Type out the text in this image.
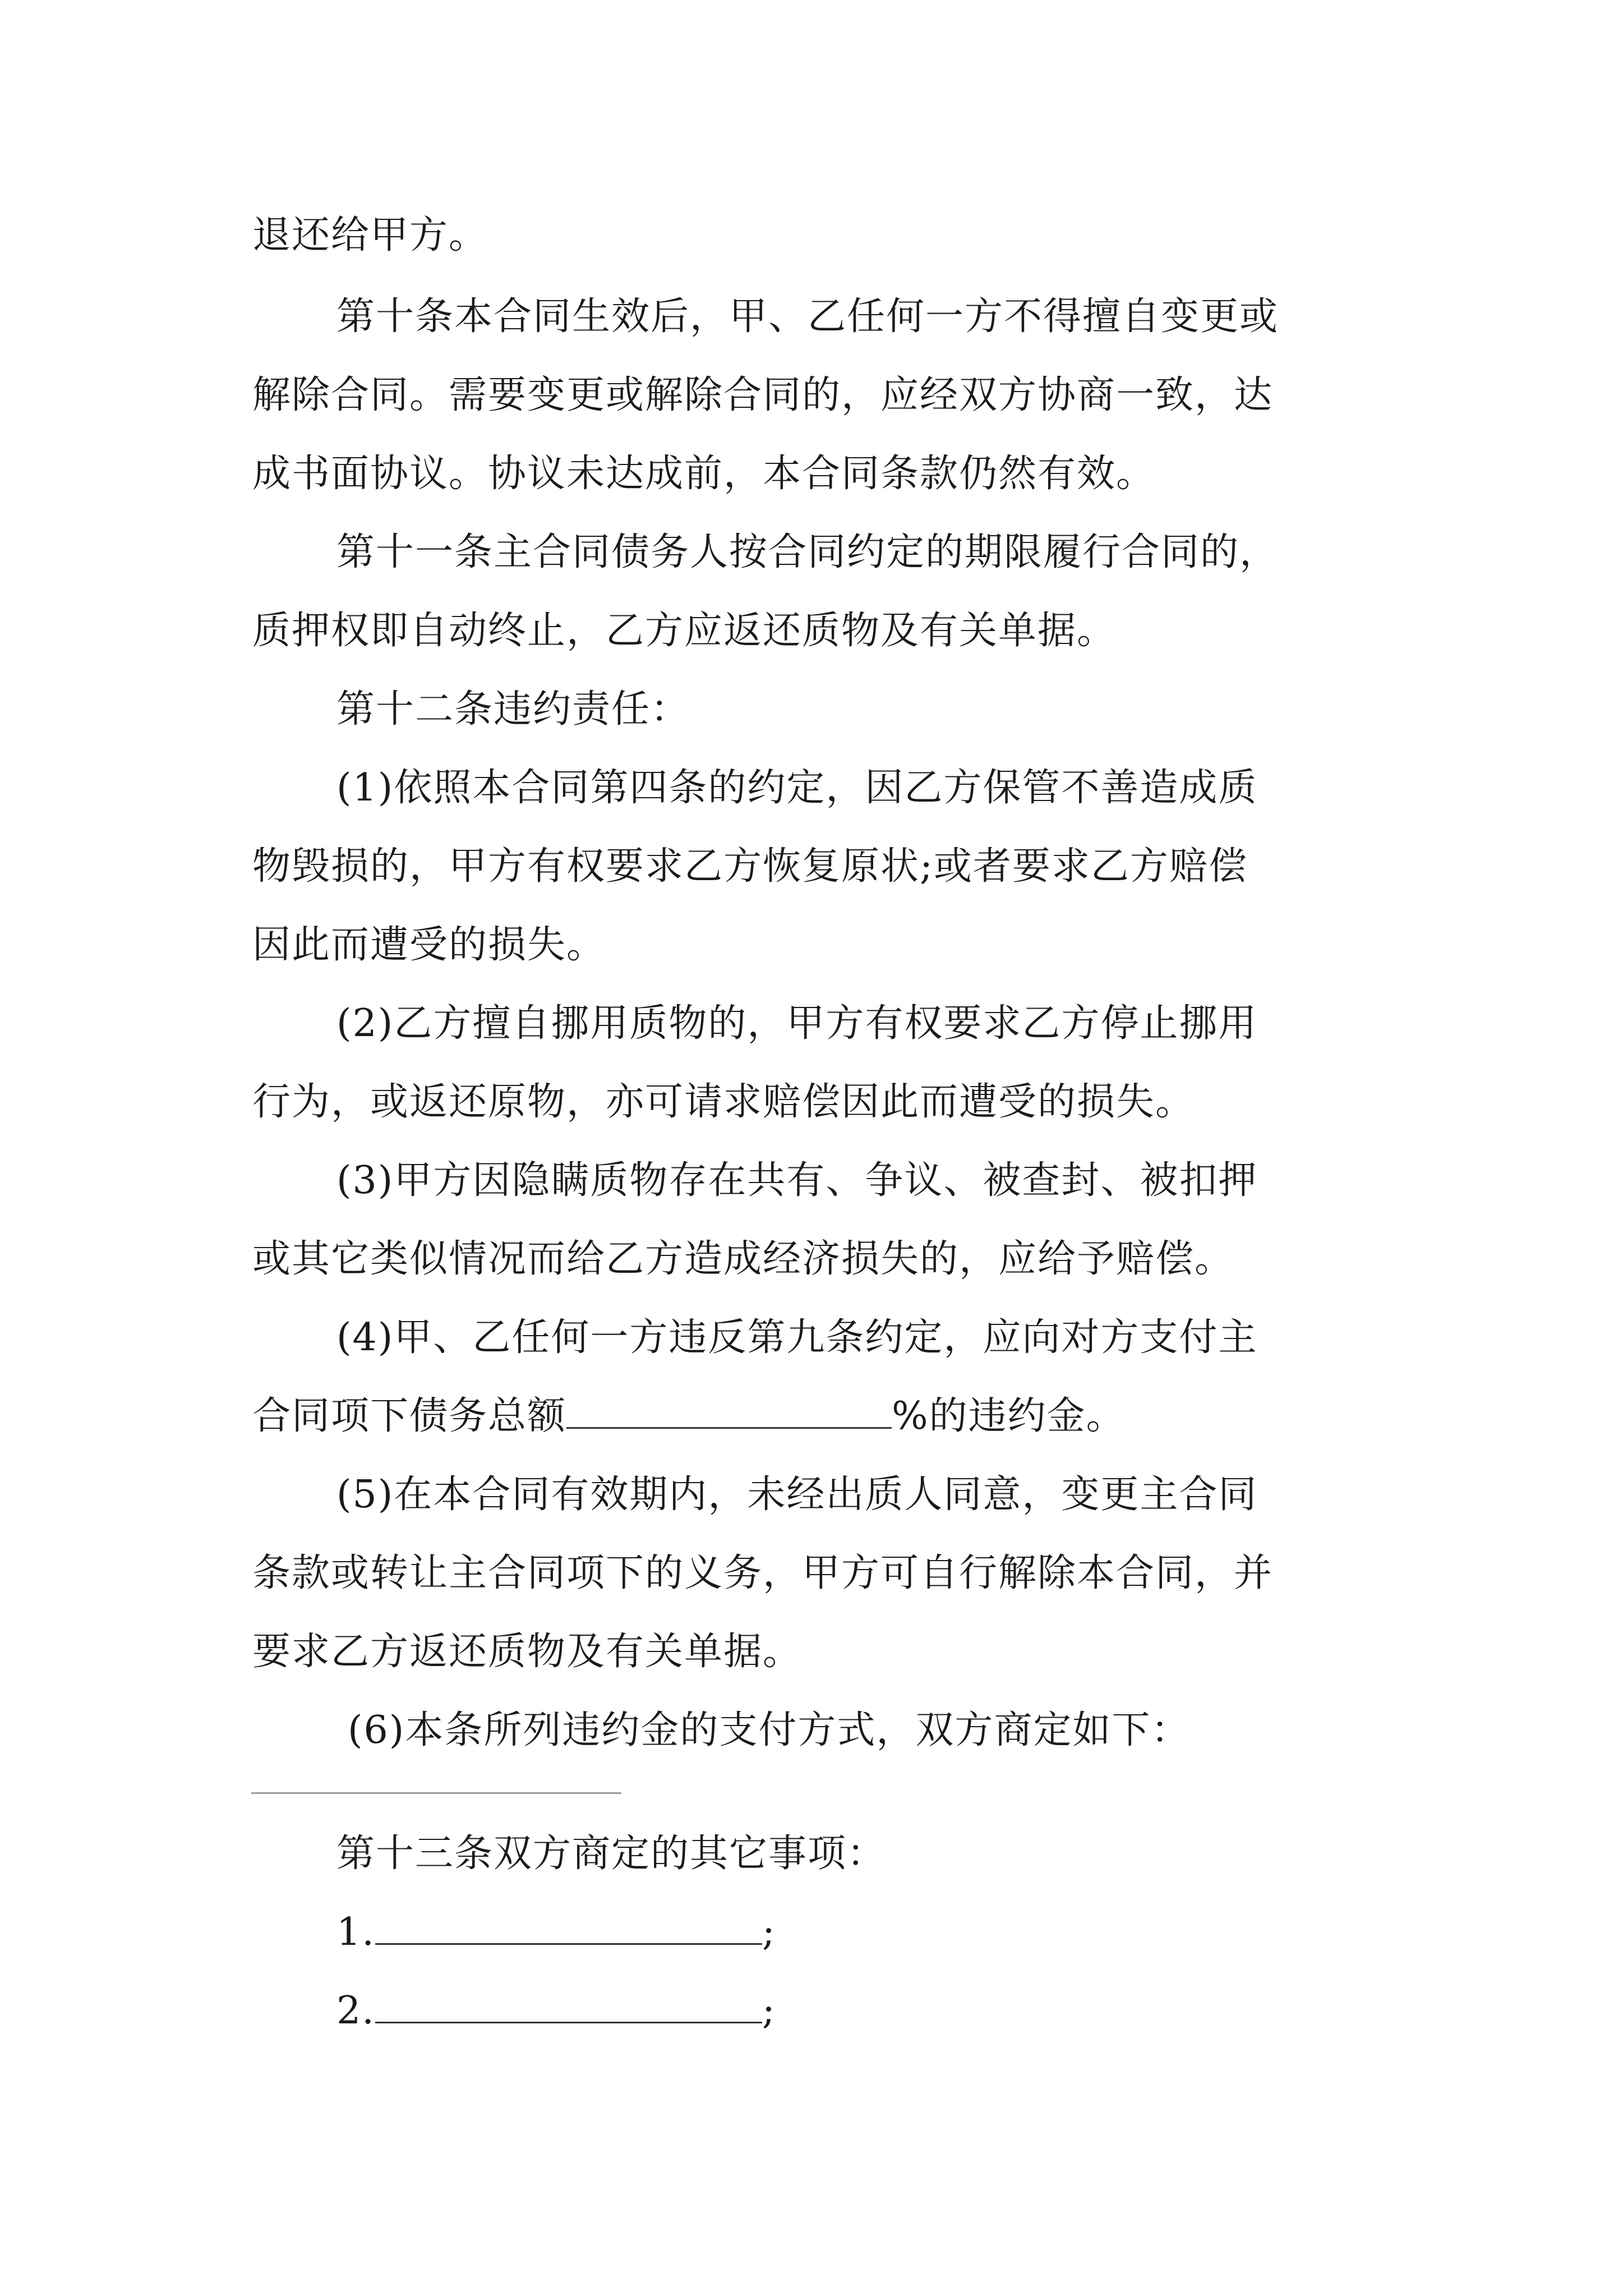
退还给甲方。
第十条本合同生效后，甲、乙任何一方不得擅自变更或
解除合同。需要变更或解除合同的，应经双方协商一致，达
成书面协议。协议未达成前，本合同条款仍然有效。
第十一条主合同债务人按合同约定的期限履行合同的，
质押权即自动终止，乙方应返还质物及有关单据。
第十二条违约责任：
(1)依照本合同第四条的约定，因乙方保管不善造成质
物毁损的，甲方有权要求乙方恢复原状;或者要求乙方赔偿
因此而遭受的损失。
(2)乙方擅自挪用质物的，甲方有权要求乙方停止挪用
行为，或返还原物，亦可请求赔偿因此而遭受的损失。
(3)甲方因隐瞒质物存在共有、争议、被查封、被扣押
或其它类似情况而给乙方造成经济损失的，应给予赔偿。
(4)甲、乙任何一方违反第九条约定，应向对方支付主
合同项下债务总额	%的违约金。
(5)在本合同有效期内，未经出质人同意，变更主合同
条款或转让主合同项下的义务，甲方可自行解除本合同，并
要求乙方返还质物及有关单据。
(6)本条所列违约金的支付方式，双方商定如下：
第十三条双方商定的其它事项：
1.	;
2.	;
